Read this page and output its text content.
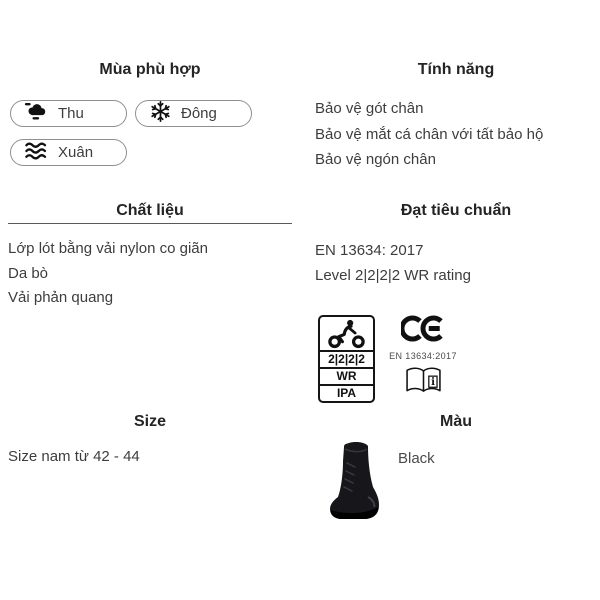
Mùa phù hợp
Thu	Đông
Xuân
Tính năng
Bảo vệ gót chân
Bảo vệ mắt cá chân với tất bảo hộ
Bảo vệ ngón chân
Chất liệu
Lớp lót bằng vải nylon co giãn
Da bò
Vải phản quang
Đạt tiêu chuẩn
EN 13634: 2017
Level 2|2|2|2 WR rating
2|2|2|2
WR
IPA
EN 13634:2017
i
Size
Size nam từ 42 - 44
Màu
Black
